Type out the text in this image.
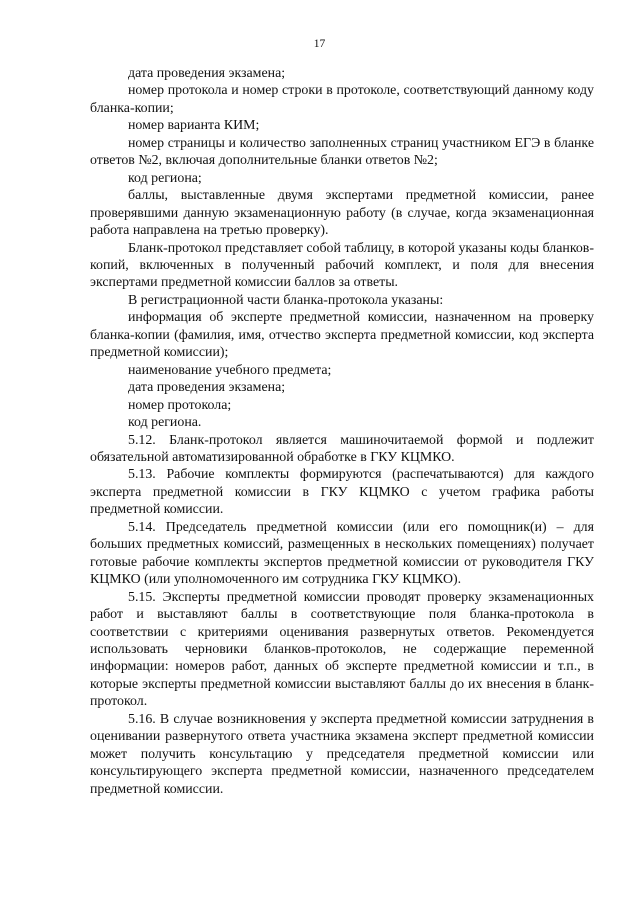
17

дата проведения экзамена;

номер протокола и номер строки в протоколе, соответствующий данному коду бланка-копии;

номер варианта КИМ;

номер страницы и количество заполненных страниц участником ЕГЭ в бланке ответов №2, включая дополнительные бланки ответов №2;

код региона;

баллы, выставленные двумя экспертами предметной комиссии, ранее проверявшими данную экзаменационную работу (в случае, когда экзаменационная работа направлена на третью проверку).

Бланк-протокол представляет собой таблицу, в которой указаны коды бланков-копий, включенных в полученный рабочий комплект, и поля для внесения экспертами предметной комиссии баллов за ответы.

В регистрационной части бланка-протокола указаны:

информация об эксперте предметной комиссии, назначенном на проверку бланка-копии (фамилия, имя, отчество эксперта предметной комиссии, код эксперта предметной комиссии);

наименование учебного предмета;

дата проведения экзамена;

номер протокола;

код региона.

5.12. Бланк-протокол является машиночитаемой формой и подлежит обязательной автоматизированной обработке в ГКУ КЦМКО.

5.13. Рабочие комплекты формируются (распечатываются) для каждого эксперта предметной комиссии в ГКУ КЦМКО с учетом графика работы предметной комиссии.

5.14. Председатель предметной комиссии (или его помощник(и) – для больших предметных комиссий, размещенных в нескольких помещениях) получает готовые рабочие комплекты экспертов предметной комиссии от руководителя ГКУ КЦМКО (или уполномоченного им сотрудника ГКУ КЦМКО).

5.15. Эксперты предметной комиссии проводят проверку экзаменационных работ и выставляют баллы в соответствующие поля бланка-протокола в соответствии с критериями оценивания развернутых ответов. Рекомендуется использовать черновики бланков-протоколов, не содержащие переменной информации: номеров работ, данных об эксперте предметной комиссии и т.п., в которые эксперты предметной комиссии выставляют баллы до их внесения в бланк-протокол.

5.16. В случае возникновения у эксперта предметной комиссии затруднения в оценивании развернутого ответа участника экзамена эксперт предметной комиссии может получить консультацию у председателя предметной комиссии или консультирующего эксперта предметной комиссии, назначенного председателем предметной комиссии.
